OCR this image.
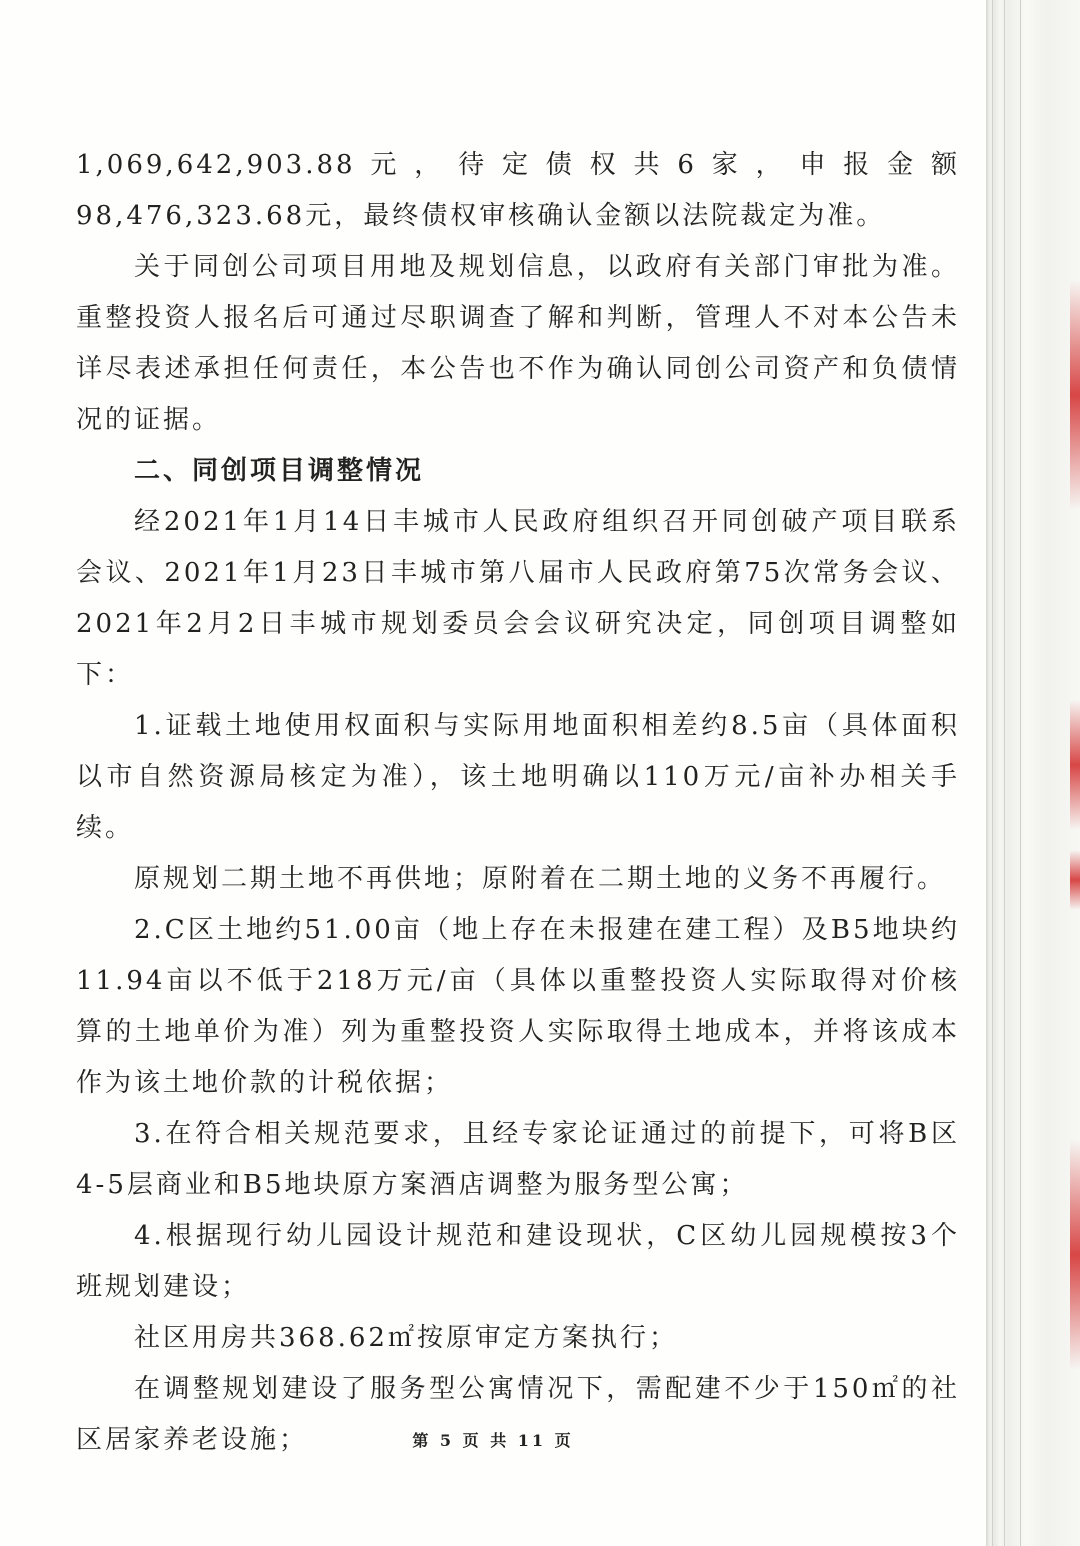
1,069,642,903.88元，待定债权共6家，申报金额98,476,323.68元，最终债权审核确认金额以法院裁定为准。

关于同创公司项目用地及规划信息，以政府有关部门审批为准。重整投资人报名后可通过尽职调查了解和判断，管理人不对本公告未详尽表述承担任何责任，本公告也不作为确认同创公司资产和负债情况的证据。

二、同创项目调整情况

经2021年1月14日丰城市人民政府组织召开同创破产项目联系会议、2021年1月23日丰城市第八届市人民政府第75次常务会议、2021年2月2日丰城市规划委员会会议研究决定，同创项目调整如下：

1.证载土地使用权面积与实际用地面积相差约8.5亩（具体面积以市自然资源局核定为准），该土地明确以110万元/亩补办相关手续。

原规划二期土地不再供地；原附着在二期土地的义务不再履行。

2.C区土地约51.00亩（地上存在未报建在建工程）及B5地块约11.94亩以不低于218万元/亩（具体以重整投资人实际取得对价核算的土地单价为准）列为重整投资人实际取得土地成本，并将该成本作为该土地价款的计税依据；

3.在符合相关规范要求，且经专家论证通过的前提下，可将B区4-5层商业和B5地块原方案酒店调整为服务型公寓；

4.根据现行幼儿园设计规范和建设现状，C区幼儿园规模按3个班规划建设；

社区用房共368.62㎡按原审定方案执行；

在调整规划建设了服务型公寓情况下，需配建不少于150㎡的社区居家养老设施；	第 5 页 共 11 页
